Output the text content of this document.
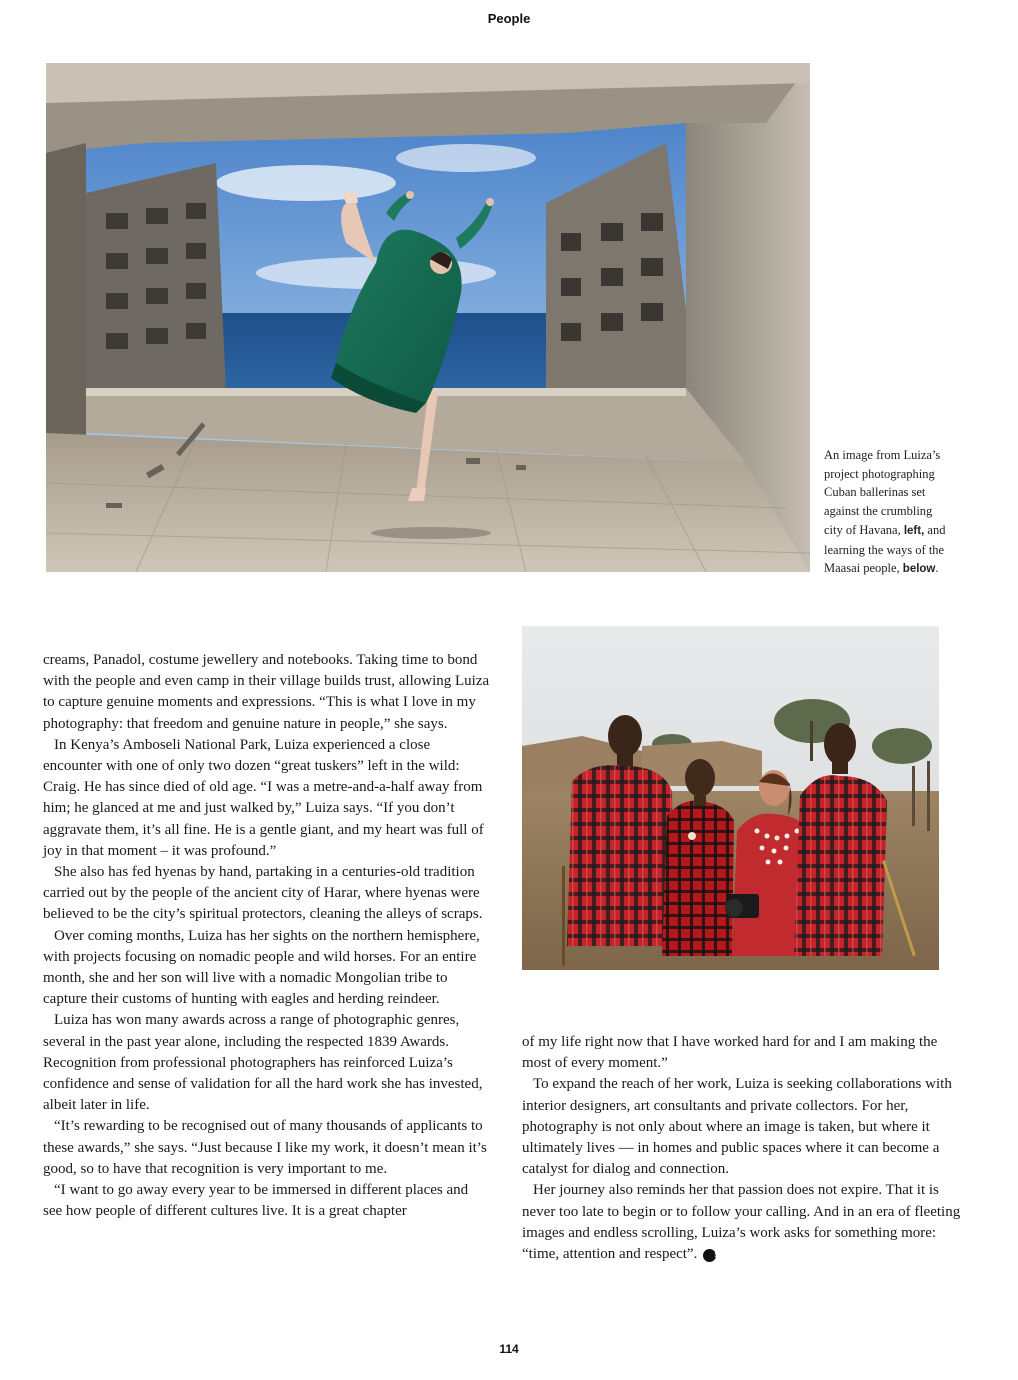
People
An image from Luiza’s
project photographing
Cuban ballerinas set
against the crumbling
city of Havana, left, and
learning the ways of the
Maasai people, below.

creams, Panadol, costume jewellery and notebooks. Taking time to bond with the people and even camp in their village builds trust, allowing Luiza to capture genuine moments and expressions. “This is what I love in my photography: that freedom and genuine nature in people,” she says.

In Kenya’s Amboseli National Park, Luiza experienced a close encounter with one of only two dozen “great tuskers” left in the wild: Craig. He has since died of old age. “I was a metre-and-a-half away from him; he glanced at me and just walked by,” Luiza says. “If you don’t aggravate them, it’s all fine. He is a gentle giant, and my heart was full of joy in that moment – it was profound.”

She also has fed hyenas by hand, partaking in a centuries-old tradition carried out by the people of the ancient city of Harar, where hyenas were believed to be the city’s spiritual protectors, cleaning the alleys of scraps.

Over coming months, Luiza has her sights on the northern hemisphere, with projects focusing on nomadic people and wild horses. For an entire month, she and her son will live with a nomadic Mongolian tribe to capture their customs of hunting with eagles and herding reindeer.

Luiza has won many awards across a range of photographic genres, several in the past year alone, including the respected 1839 Awards. Recognition from professional photographers has reinforced Luiza’s confidence and sense of validation for all the hard work she has invested, albeit later in life.

“It’s rewarding to be recognised out of many thousands of applicants to these awards,” she says. “Just because I like my work, it doesn’t mean it’s good, so to have that recognition is very important to me.

“I want to go away every year to be immersed in different places and see how people of different cultures live. It is a great chapter

of my life right now that I have worked hard for and I am making the most of every moment.”

To expand the reach of her work, Luiza is seeking collaborations with interior designers, art consultants and private collectors. For her, photography is not only about where an image is taken, but where it ultimately lives — in homes and public spaces where it can become a catalyst for dialog and connection.

Her journey also reminds her that passion does not expire. That it is never too late to begin or to follow your calling. And in an era of fleeting images and endless scrolling, Luiza’s work asks for something more: “time, attention and respect”. SB

114
